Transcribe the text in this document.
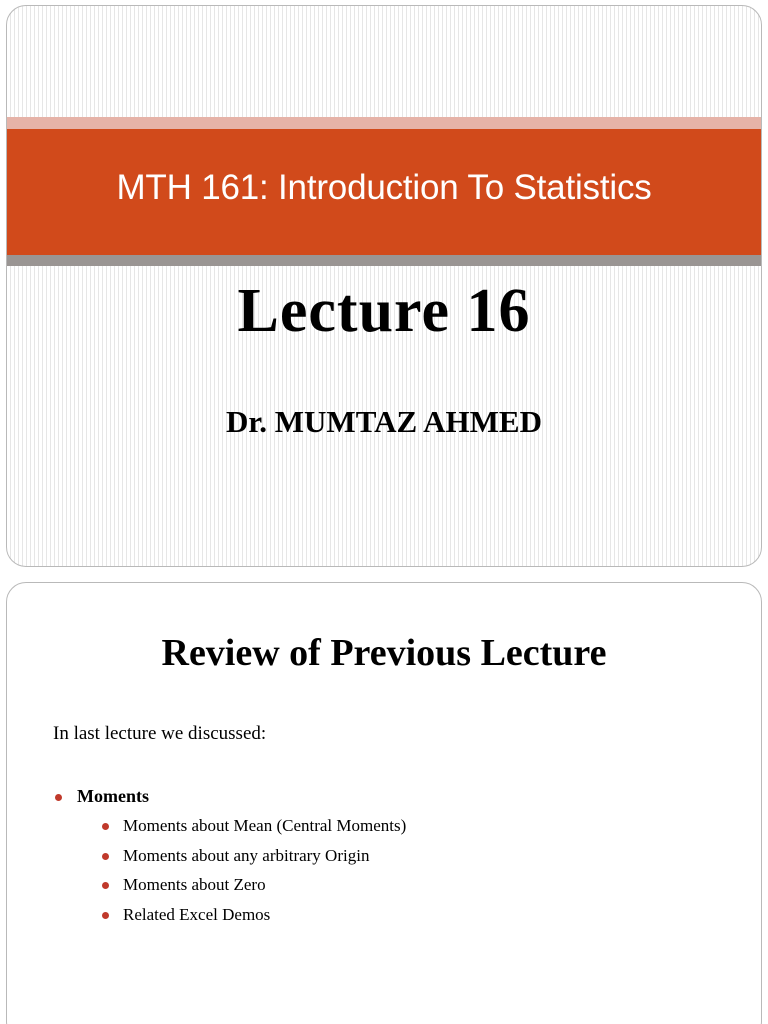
MTH 161: Introduction To Statistics
Lecture 16
Dr. MUMTAZ AHMED
Review of Previous Lecture
In last lecture we discussed:
Moments
Moments about Mean (Central Moments)
Moments about any arbitrary Origin
Moments about Zero
Related Excel Demos
